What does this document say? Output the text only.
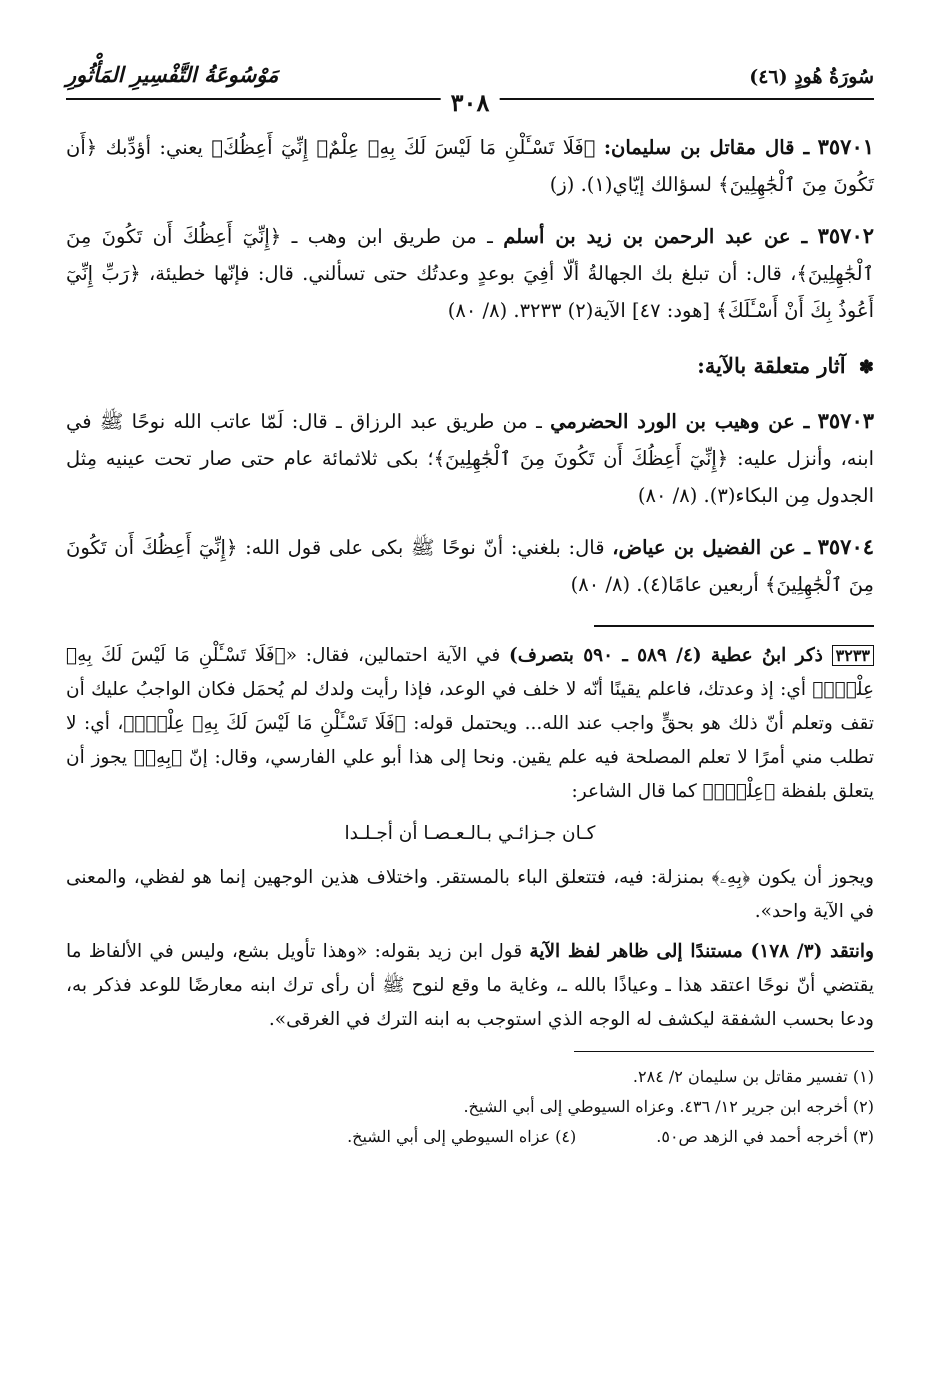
سُورَةُ هُودٍ (٤٦)
٣٠٨
مَوْسُوعَةُ التَّفْسِيرِ المَأْثُورِ

٣٥٧٠١ ـ قال مقاتل بن سليمان: ﴿فَلَا تَسْـَٔلْنِ مَا لَيْسَ لَكَ بِهِۦ عِلْمٌۖ إِنِّيٓ أَعِظُكَ﴾ يعني: أؤدِّبك ﴿أَن تَكُونَ مِنَ ٱلْجَٰهِلِينَ﴾ لسؤالك إيّاي(١). (ز)

٣٥٧٠٢ ـ عن عبد الرحمن بن زيد بن أسلم ـ من طريق ابن وهب ـ ﴿إِنِّيٓ أَعِظُكَ أَن تَكُونَ مِنَ ٱلْجَٰهِلِينَ﴾، قال: أن تبلغ بك الجهالةُ ألّا أفِيَ بوعدٍ وعدتُك حتى تسألني. قال: فإنّها خطيئة، ﴿رَبِّ إِنِّيٓ أَعُوذُ بِكَ أَنْ أَسْـَٔلَكَ﴾ [هود: ٤٧] الآية(٢) ٣٢٣٣. (٨/ ٨٠)

✽ آثار متعلقة بالآية:

٣٥٧٠٣ ـ عن وهيب بن الورد الحضرمي ـ من طريق عبد الرزاق ـ قال: لَمّا عاتب الله نوحًا ﷺ في ابنه، وأنزل عليه: ﴿إِنِّيٓ أَعِظُكَ أَن تَكُونَ مِنَ ٱلْجَٰهِلِينَ﴾؛ بكى ثلاثمائة عام حتى صار تحت عينيه مِثل الجدول مِن البكاء(٣). (٨/ ٨٠)

٣٥٧٠٤ ـ عن الفضيل بن عياض، قال: بلغني: أنّ نوحًا ﷺ بكى على قول الله: ﴿إِنِّيٓ أَعِظُكَ أَن تَكُونَ مِنَ ٱلْجَٰهِلِينَ﴾ أربعين عامًا(٤). (٨/ ٨٠)

٣٢٣٣ ذكر ابنُ عطية (٤/ ٥٨٩ ـ ٥٩٠ بتصرف) في الآية احتمالين، فقال: «﴿فَلَا تَسْـَٔلْنِ مَا لَيْسَ لَكَ بِهِۦ عِلْمٌۖ﴾ أي: إذ وعدتك، فاعلم يقينًا أنّه لا خلف في الوعد، فإذا رأيت ولدك لم يُحمَل فكان الواجبُ عليك أن تقف وتعلم أنّ ذلك هو بحقٍّ واجب عند الله... ويحتمل قوله: ﴿فَلَا تَسْـَٔلْنِ مَا لَيْسَ لَكَ بِهِۦ عِلْمٌۖ﴾، أي: لا تطلب مني أمرًا لا تعلم المصلحة فيه علم يقين. ونحا إلى هذا أبو علي الفارسي، وقال: إنّ ﴿بِهِۦ﴾ يجوز أن يتعلق بلفظة ﴿عِلْمٌۖ﴾ كما قال الشاعر:
كـان جـزائـي بـالـعـصـا أن أجـلـدا
ويجوز أن يكون ﴿بِهِۦ﴾ بمنزلة: فيه، فتتعلق الباء بالمستقر. واختلاف هذين الوجهين إنما هو لفظي، والمعنى في الآية واحد».
وانتقد (٣/ ١٧٨) مستندًا إلى ظاهر لفظ الآية قول ابن زيد بقوله: «وهذا تأويل بشع، وليس في الألفاظ ما يقتضي أنّ نوحًا اعتقد هذا ـ وعياذًا بالله ـ، وغاية ما وقع لنوح ﷺ أن رأى ترك ابنه معارضًا للوعد فذكر به، ودعا بحسب الشفقة ليكشف له الوجه الذي استوجب به ابنه الترك في الغرقى».
(١) تفسير مقاتل بن سليمان ٢/ ٢٨٤.
(٢) أخرجه ابن جرير ١٢/ ٤٣٦. وعزاه السيوطي إلى أبي الشيخ.
(٣) أخرجه أحمد في الزهد ص٥٠.
(٤) عزاه السيوطي إلى أبي الشيخ.
